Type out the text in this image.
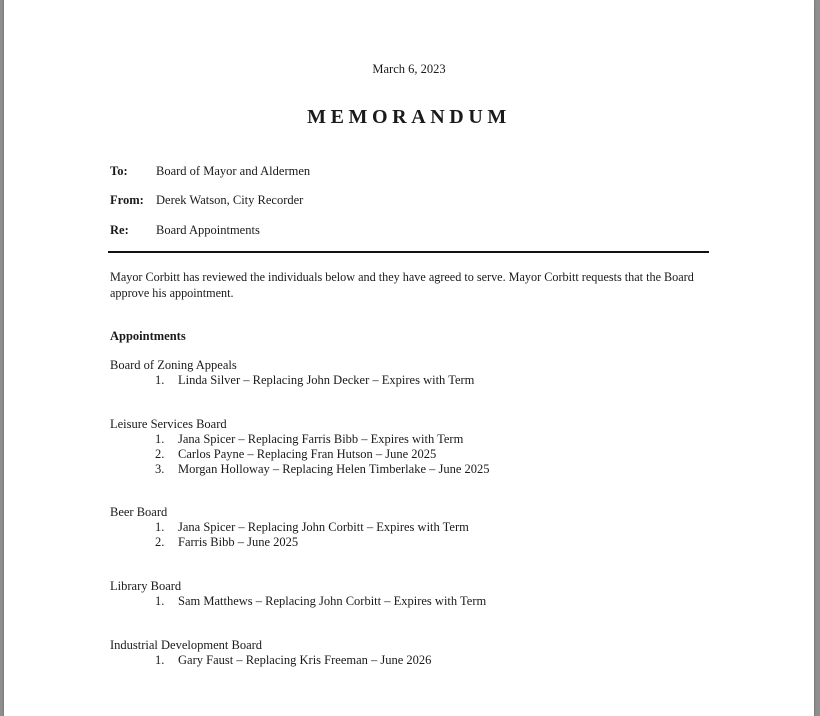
March 6, 2023
MEMORANDUM
To: Board of Mayor and Aldermen
From: Derek Watson, City Recorder
Re: Board Appointments
Mayor Corbitt has reviewed the individuals below and they have agreed to serve. Mayor Corbitt requests that the Board approve his appointment.
Appointments
Board of Zoning Appeals
1. Linda Silver – Replacing John Decker – Expires with Term
Leisure Services Board
1. Jana Spicer – Replacing Farris Bibb – Expires with Term
2. Carlos Payne – Replacing Fran Hutson – June 2025
3. Morgan Holloway – Replacing Helen Timberlake – June 2025
Beer Board
1. Jana Spicer – Replacing John Corbitt – Expires with Term
2. Farris Bibb – June 2025
Library Board
1. Sam Matthews – Replacing John Corbitt – Expires with Term
Industrial Development Board
1. Gary Faust – Replacing Kris Freeman – June 2026
